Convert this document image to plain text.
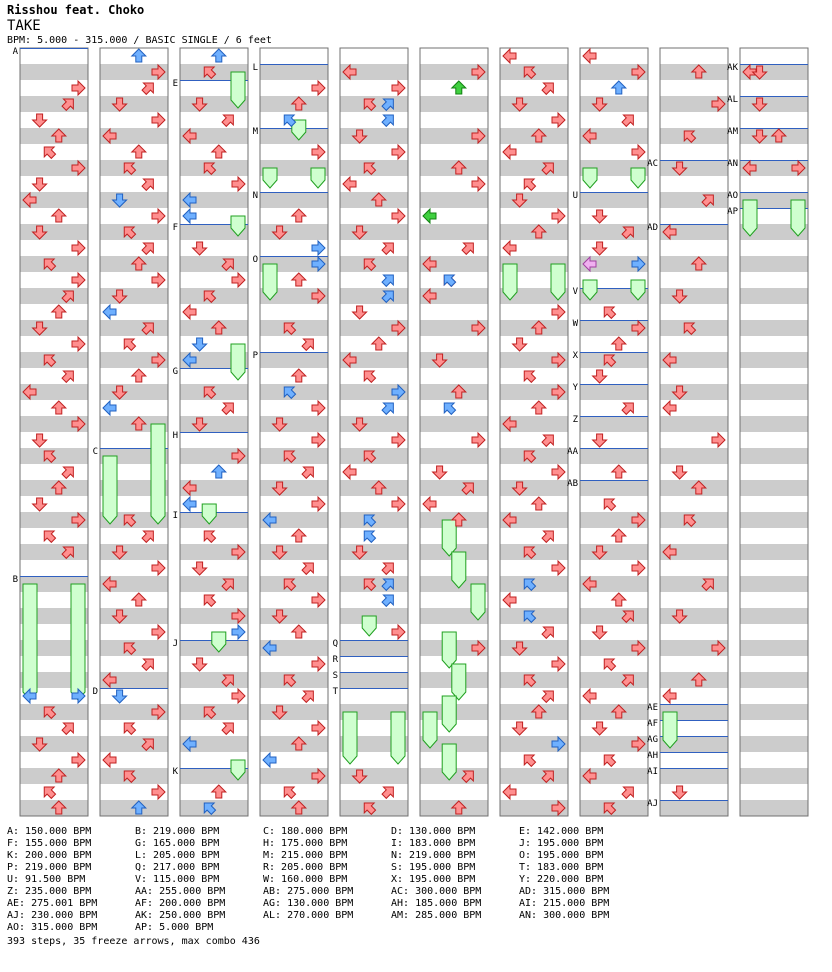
Risshou feat. Choko
TAKE
BPM: 5.000 - 315.000 / BASIC SINGLE / 6 feet
A
B
C
D
E
F
G
H
I
J
K
L
M
N
O
P
Q
R
S
T
U
V
W
X
Y
Z
AA
AB
AC
AD
AE
AF
AG
AH
AI
AJ
AK
AL
AM
AN
AO
AP
A: 150.000 BPM	B: 219.000 BPM	C: 180.000 BPM	D: 130.000 BPM	E: 142.000 BPM
F: 155.000 BPM	G: 165.000 BPM	H: 175.000 BPM	I: 183.000 BPM	J: 195.000 BPM
K: 200.000 BPM	L: 205.000 BPM	M: 215.000 BPM	N: 219.000 BPM	O: 195.000 BPM
P: 219.000 BPM	Q: 217.000 BPM	R: 205.000 BPM	S: 195.000 BPM	T: 183.000 BPM
U: 91.500 BPM	V: 115.000 BPM	W: 160.000 BPM	X: 195.000 BPM	Y: 220.000 BPM
Z: 235.000 BPM	AA: 255.000 BPM	AB: 275.000 BPM	AC: 300.000 BPM	AD: 315.000 BPM
AE: 275.001 BPM	AF: 200.000 BPM	AG: 130.000 BPM	AH: 185.000 BPM	AI: 215.000 BPM
AJ: 230.000 BPM	AK: 250.000 BPM	AL: 270.000 BPM	AM: 285.000 BPM	AN: 300.000 BPM
AO: 315.000 BPM	AP: 5.000 BPM
393 steps, 35 freeze arrows, max combo 436
